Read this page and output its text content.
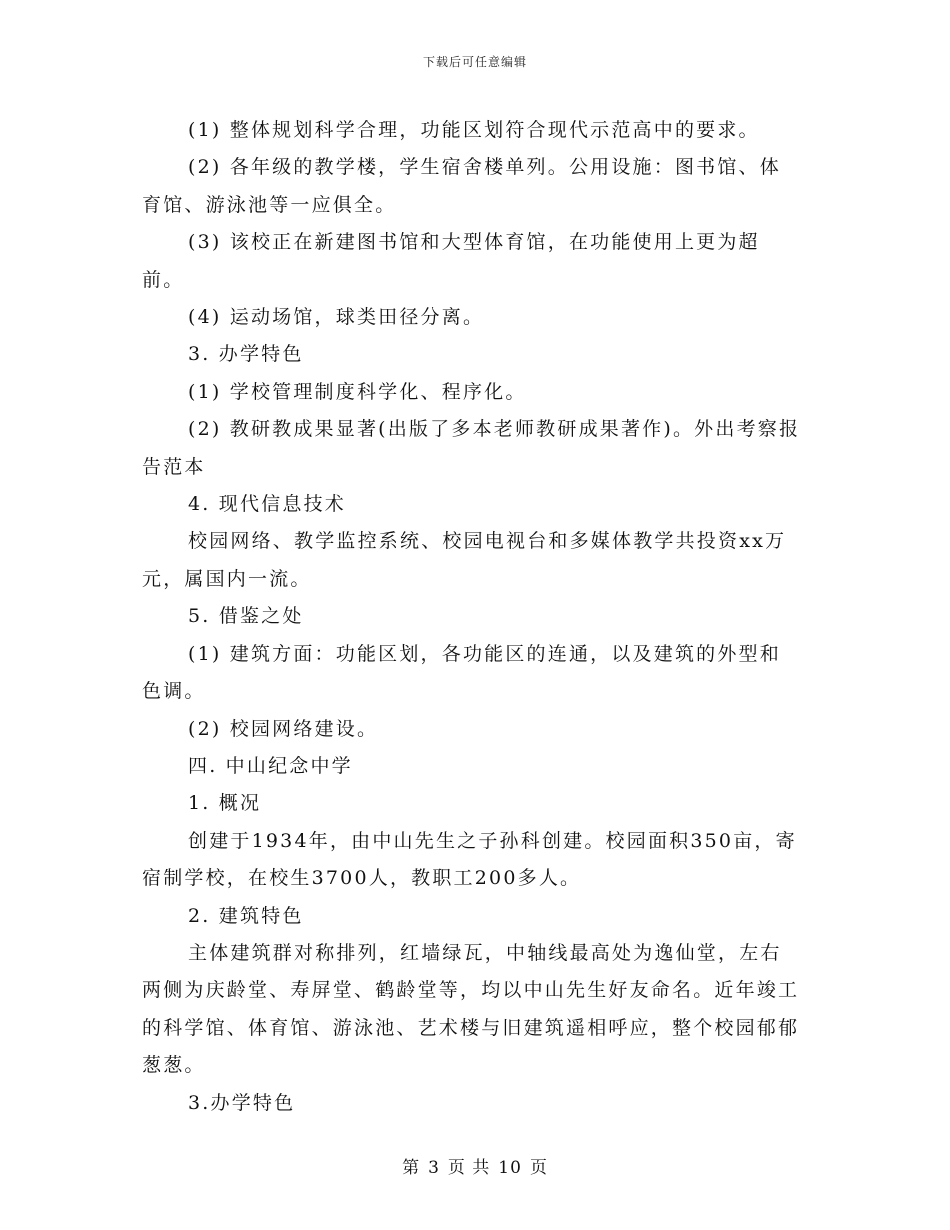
下载后可任意编辑

(1) 整体规划科学合理，功能区划符合现代示范高中的要求。

(2) 各年级的教学楼，学生宿舍楼单列。公用设施：图书馆、体育馆、游泳池等一应俱全。

(3) 该校正在新建图书馆和大型体育馆，在功能使用上更为超前。

(4) 运动场馆，球类田径分离。

3. 办学特色

(1) 学校管理制度科学化、程序化。

(2) 教研教成果显著(出版了多本老师教研成果著作)。外出考察报告范本

4. 现代信息技术

校园网络、教学监控系统、校园电视台和多媒体教学共投资xx万元，属国内一流。

5. 借鉴之处

(1) 建筑方面：功能区划，各功能区的连通，以及建筑的外型和色调。

(2) 校园网络建设。

四. 中山纪念中学

1. 概况

创建于1934年，由中山先生之子孙科创建。校园面积350亩，寄宿制学校，在校生3700人，教职工200多人。

2. 建筑特色

主体建筑群对称排列，红墙绿瓦，中轴线最高处为逸仙堂，左右两侧为庆龄堂、寿屏堂、鹤龄堂等，均以中山先生好友命名。近年竣工的科学馆、体育馆、游泳池、艺术楼与旧建筑遥相呼应，整个校园郁郁葱葱。

3.办学特色

第 3 页 共 10 页
